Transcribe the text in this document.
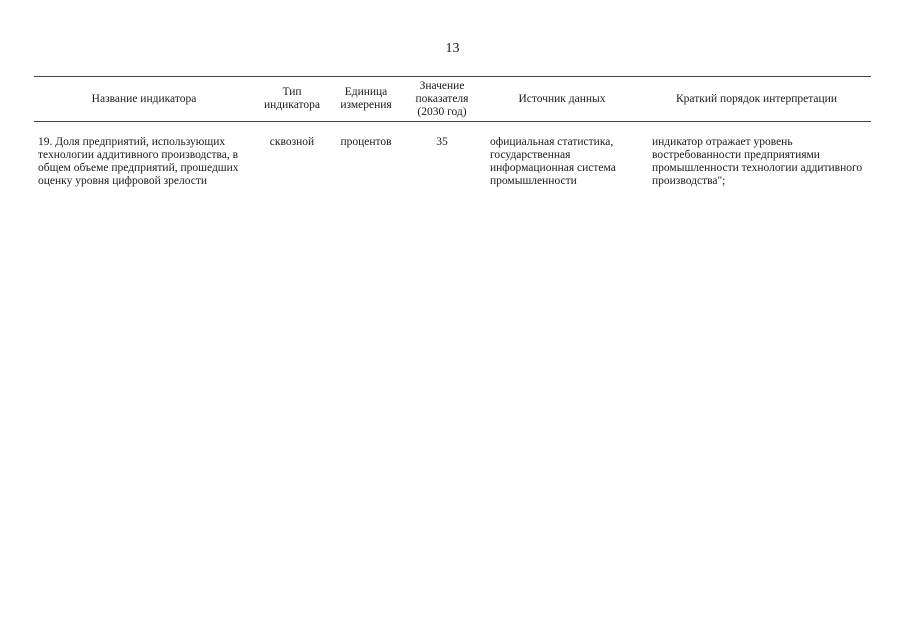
13
Название индикатора	Тип индикатора	Единица измерения	Значение показателя (2030 год)	Источник данных	Краткий порядок интерпретации

19. Доля предприятий, использующих технологии аддитивного производства, в общем объеме предприятий, прошедших оценку уровня цифровой зрелости	сквозной	процентов	35	официальная статистика, государственная информационная система промышленности	индикатор отражает уровень востребованности предприятиями промышленности технологии аддитивного производства";
